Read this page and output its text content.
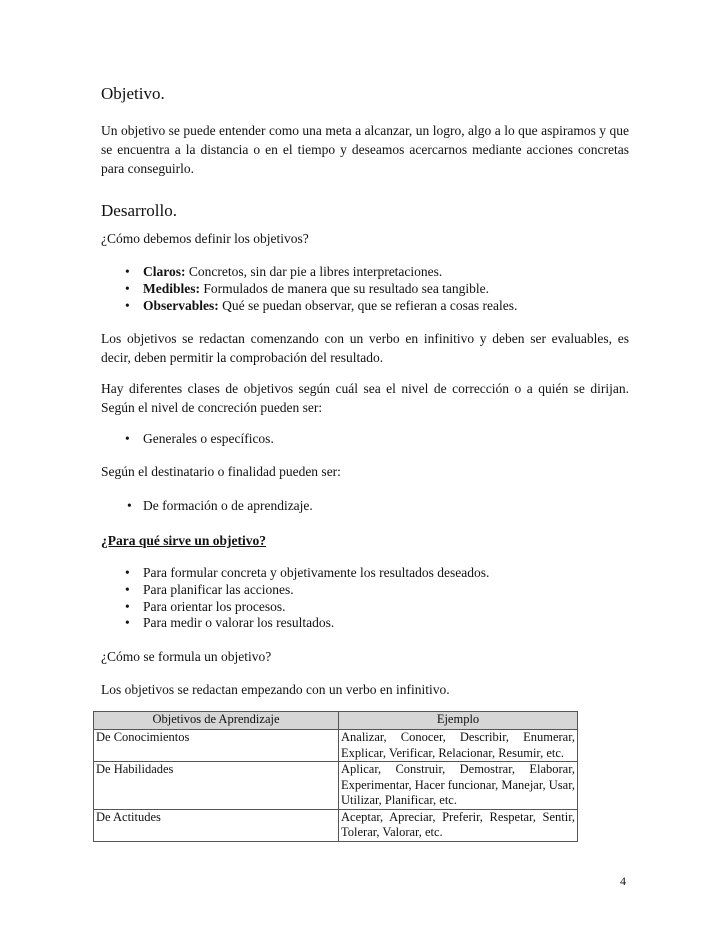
Objetivo.
Un objetivo se puede entender como una meta a alcanzar, un logro, algo a lo que aspiramos y que se encuentra a la distancia o en el tiempo y deseamos acercarnos mediante acciones concretas para conseguirlo.
Desarrollo.
¿Cómo debemos definir los objetivos?
• Claros: Concretos, sin dar pie a libres interpretaciones.
• Medibles: Formulados de manera que su resultado sea tangible.
• Observables: Qué se puedan observar, que se refieran a cosas reales.
Los objetivos se redactan comenzando con un verbo en infinitivo y deben ser evaluables, es decir, deben permitir la comprobación del resultado.
Hay diferentes clases de objetivos según cuál sea el nivel de corrección o a quién se dirijan. Según el nivel de concreción pueden ser:
• Generales o específicos.
Según el destinatario o finalidad pueden ser:
• De formación o de aprendizaje.
¿Para qué sirve un objetivo?
• Para formular concreta y objetivamente los resultados deseados.
• Para planificar las acciones.
• Para orientar los procesos.
• Para medir o valorar los resultados.
¿Cómo se formula un objetivo?
Los objetivos se redactan empezando con un verbo en infinitivo.
Objetivos de Aprendizaje	Ejemplo
De Conocimientos	Analizar, Conocer, Describir, Enumerar, Explicar, Verificar, Relacionar, Resumir, etc.
De Habilidades	Aplicar, Construir, Demostrar, Elaborar, Experimentar, Hacer funcionar, Manejar, Usar, Utilizar, Planificar, etc.
De Actitudes	Aceptar, Apreciar, Preferir, Respetar, Sentir, Tolerar, Valorar, etc.
4
